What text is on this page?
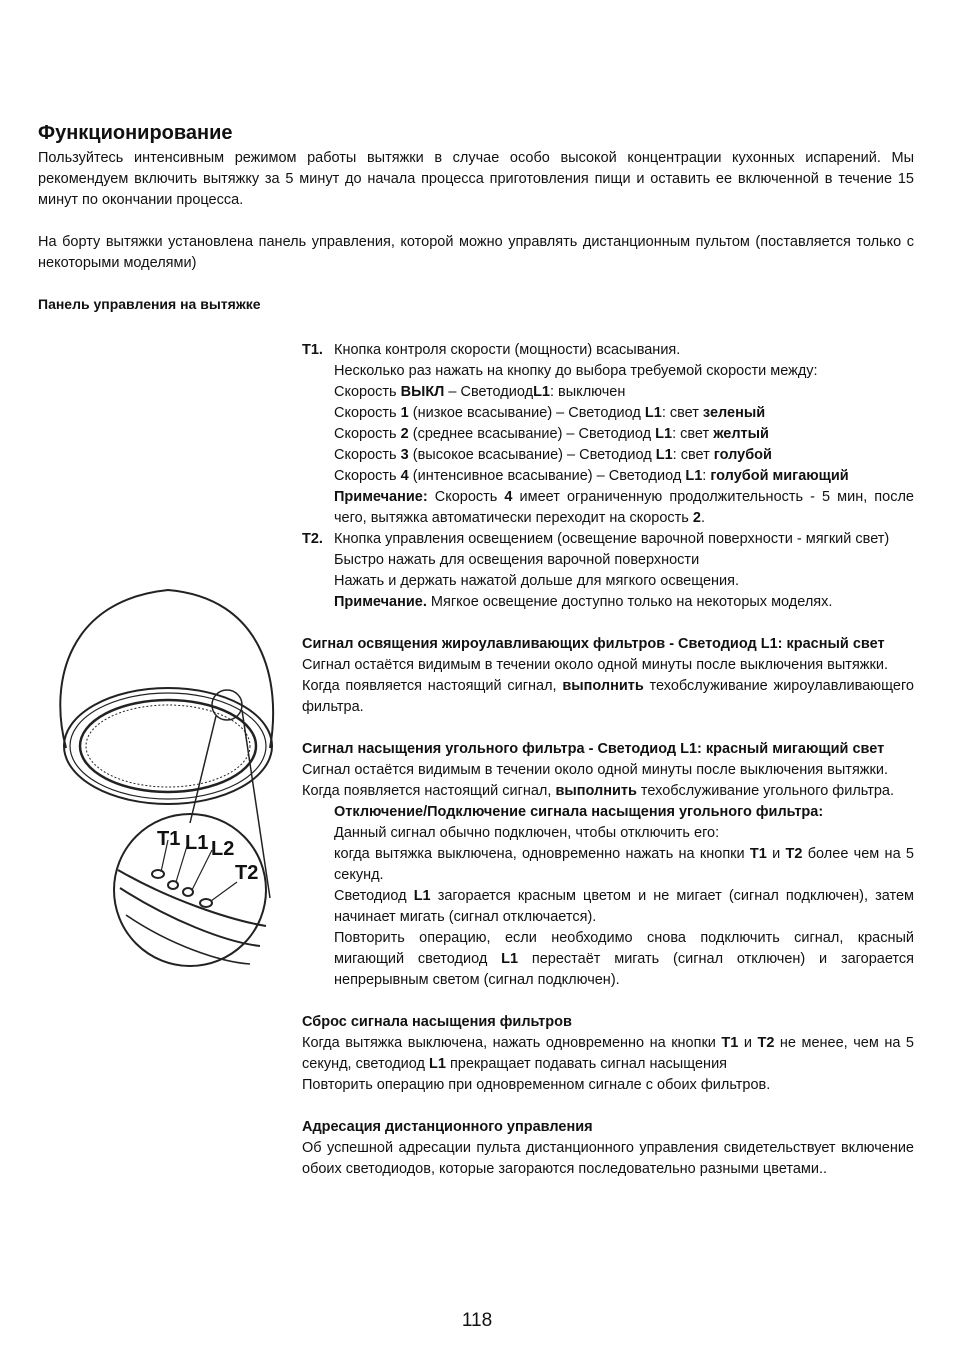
Функционирование
Пользуйтесь интенсивным режимом работы вытяжки в случае особо высокой концентрации кухонных испарений. Мы рекомендуем включить вытяжку за 5 минут до начала процесса приготовления пищи и оставить ее включенной в течение 15 минут по окончании процесса.
На борту вытяжки установлена панель управления, которой можно управлять дистанционным пультом (поставляется только с некоторыми моделями)
Панель управления на вытяжке

T1. Кнопка контроля скорости (мощности) всасывания.

Несколько раз нажать на кнопку до выбора требуемой скорости между:

Скорость ВЫКЛ – СветодиодL1: выключен

Скорость 1 (низкое всасывание) – Светодиод L1: свет зеленый

Скорость 2 (среднее всасывание) – Светодиод L1: свет желтый

Скорость 3 (высокое всасывание) – Светодиод L1: свет голубой

Скорость 4 (интенсивное всасывание) – Светодиод L1: голубой мигающий

Примечание: Скорость 4 имеет ограниченную продолжительность - 5 мин, после чего, вытяжка автоматически переходит на скорость 2.

T2. Кнопка управления освещением (освещение варочной поверхности - мягкий свет)

Быстро нажать для освещения варочной поверхности

Нажать и держать нажатой дольше для мягкого освещения.

Примечание. Мягкое освещение доступно только на некоторых моделях.

Сигнал освящения жироулавливающих фильтров - Светодиод L1: красный свет

Сигнал остаётся видимым в течении около одной минуты после выключения вытяжки.

Когда появляется настоящий сигнал, выполнить техобслуживание жироулавливающего фильтра.

Сигнал насыщения угольного фильтра - Светодиод L1: красный мигающий свет

Сигнал остаётся видимым в течении около одной минуты после выключения вытяжки.

Когда появляется настоящий сигнал, выполнить техобслуживание угольного фильтра.

Отключение/Подключение сигнала насыщения угольного фильтра:

Данный сигнал обычно подключен, чтобы отключить его:

когда вытяжка выключена, одновременно нажать на кнопки T1 и T2 более чем на 5 секунд.

Светодиод L1 загорается красным цветом и не мигает (сигнал подключен), затем начинает мигать (сигнал отключается).

Повторить операцию, если необходимо снова подключить сигнал, красный мигающий светодиод L1 перестаёт мигать (сигнал отключен) и загорается непрерывным светом (сигнал подключен).

Сброс сигнала насыщения фильтров

Когда вытяжка выключена, нажать одновременно на кнопки T1 и T2 не менее, чем на 5 секунд, светодиод L1 прекращает подавать сигнал насыщения

Повторить операцию при одновременном сигнале с обоих фильтров.

Адресация дистанционного управления

Об успешной адресации пульта дистанционного управления свидетельствует включение обоих светодиодов, которые загораются последовательно разными цветами..

T1 L1 L2
T2
118
